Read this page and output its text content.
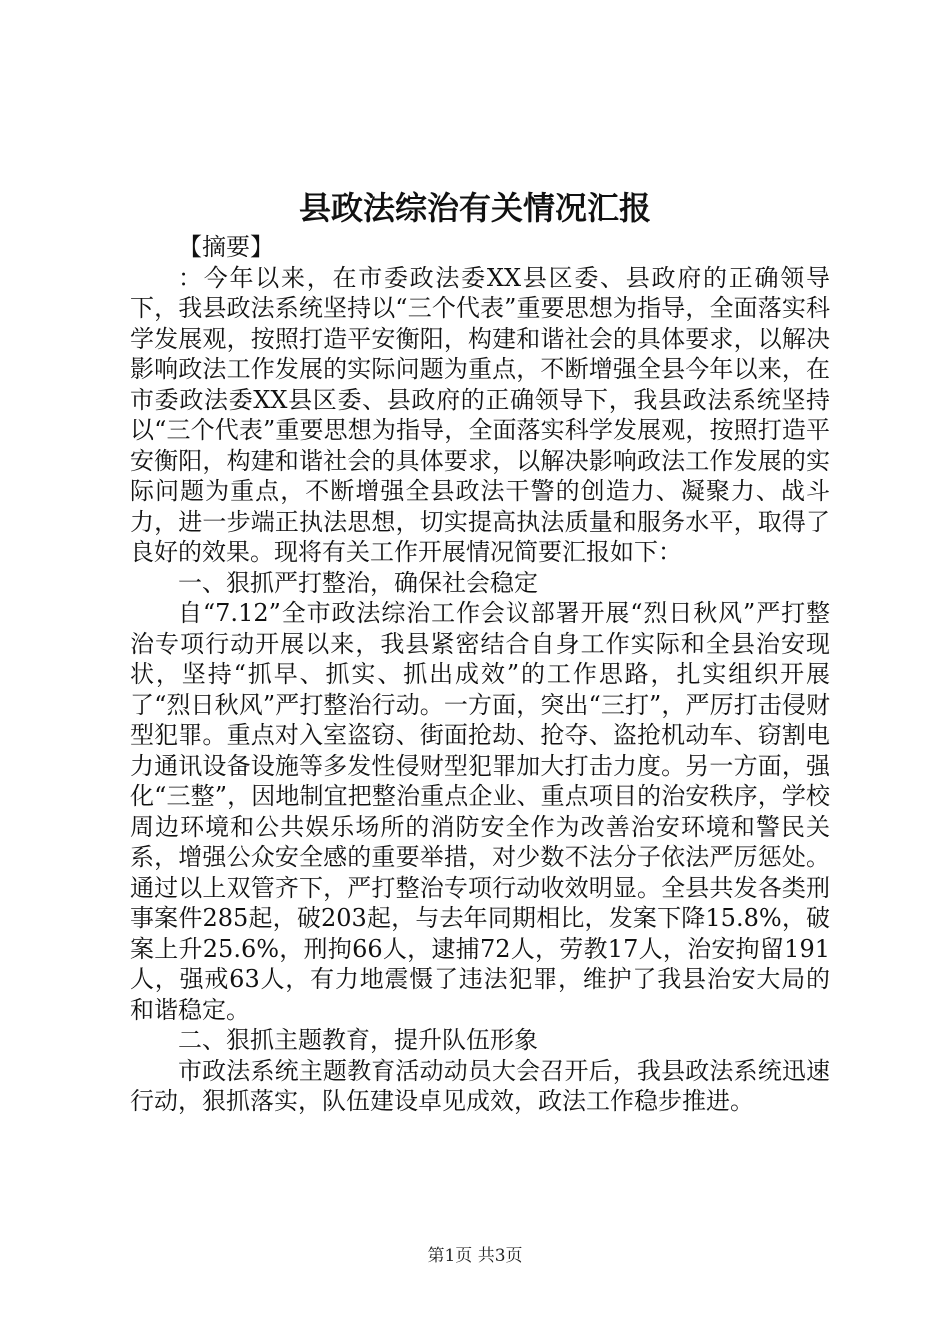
县政法综治有关情况汇报

【摘要】

：今年以来，在市委政法委XX县区委、县政府的正确领导下，我县政法系统坚持以“三个代表”重要思想为指导，全面落实科学发展观，按照打造平安衡阳，构建和谐社会的具体要求，以解决影响政法工作发展的实际问题为重点，不断增强全县今年以来，在市委政法委XX县区委、县政府的正确领导下，我县政法系统坚持以“三个代表”重要思想为指导，全面落实科学发展观，按照打造平安衡阳，构建和谐社会的具体要求，以解决影响政法工作发展的实际问题为重点，不断增强全县政法干警的创造力、凝聚力、战斗力，进一步端正执法思想，切实提高执法质量和服务水平，取得了良好的效果。现将有关工作开展情况简要汇报如下：

一、狠抓严打整治，确保社会稳定

自“7.12”全市政法综治工作会议部署开展“烈日秋风”严打整治专项行动开展以来，我县紧密结合自身工作实际和全县治安现状，坚持“抓早、抓实、抓出成效”的工作思路，扎实组织开展了“烈日秋风”严打整治行动。一方面，突出“三打”，严厉打击侵财型犯罪。重点对入室盗窃、街面抢劫、抢夺、盗抢机动车、窃割电力通讯设备设施等多发性侵财型犯罪加大打击力度。另一方面，强化“三整”，因地制宜把整治重点企业、重点项目的治安秩序，学校周边环境和公共娱乐场所的消防安全作为改善治安环境和警民关系，增强公众安全感的重要举措，对少数不法分子依法严厉惩处。通过以上双管齐下，严打整治专项行动收效明显。全县共发各类刑事案件285起，破203起，与去年同期相比，发案下降15.8%，破案上升25.6%，刑拘66人，逮捕72人，劳教17人，治安拘留191人，强戒63人，有力地震慑了违法犯罪，维护了我县治安大局的和谐稳定。

二、狠抓主题教育，提升队伍形象

市政法系统主题教育活动动员大会召开后，我县政法系统迅速行动，狠抓落实，队伍建设卓见成效，政法工作稳步推进。

第1页 共3页
